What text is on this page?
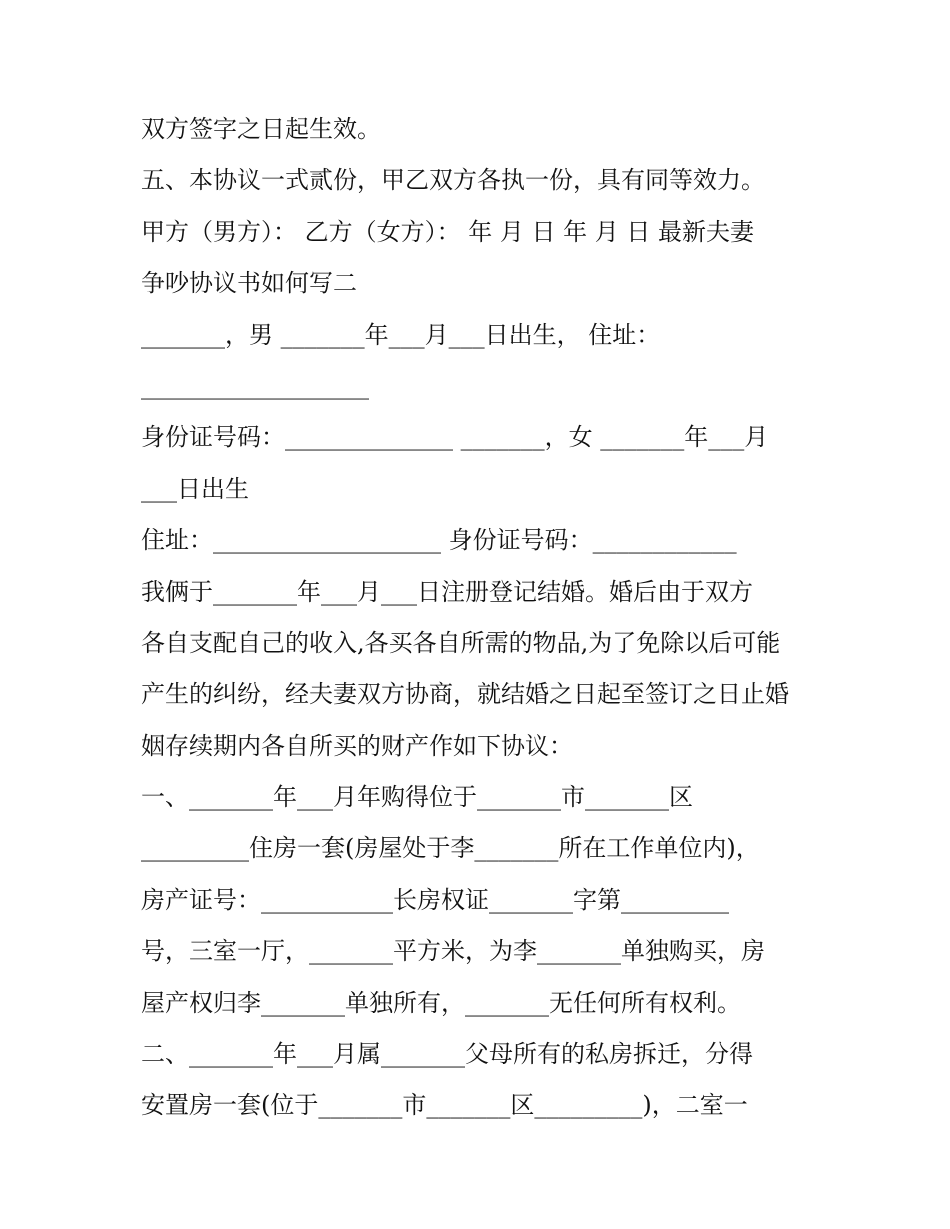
双方签字之日起生效。
五、本协议一式贰份，甲乙双方各执一份，具有同等效力。
甲方（男方）： 乙方（女方）： 年 月 日 年 月 日 最新夫妻
争吵协议书如何写二
_______，男 _______年___月___日出生， 住址：
___________________
身份证号码：______________ _______，女 _______年___月
___日出生
住址：___________________ 身份证号码：____________
我俩于_______年___月___日注册登记结婚。婚后由于双方
各自支配自己的收入,各买各自所需的物品,为了免除以后可能
产生的纠纷，经夫妻双方协商，就结婚之日起至签订之日止婚
姻存续期内各自所买的财产作如下协议：
一、_______年___月年购得位于_______市_______区
_________住房一套(房屋处于李_______所在工作单位内)，
房产证号：___________长房权证_______字第_________
号，三室一厅，_______平方米，为李_______单独购买，房
屋产权归李_______单独所有，_______无任何所有权利。
二、_______年___月属_______父母所有的私房拆迁，分得
安置房一套(位于_______市_______区_________)，二室一
